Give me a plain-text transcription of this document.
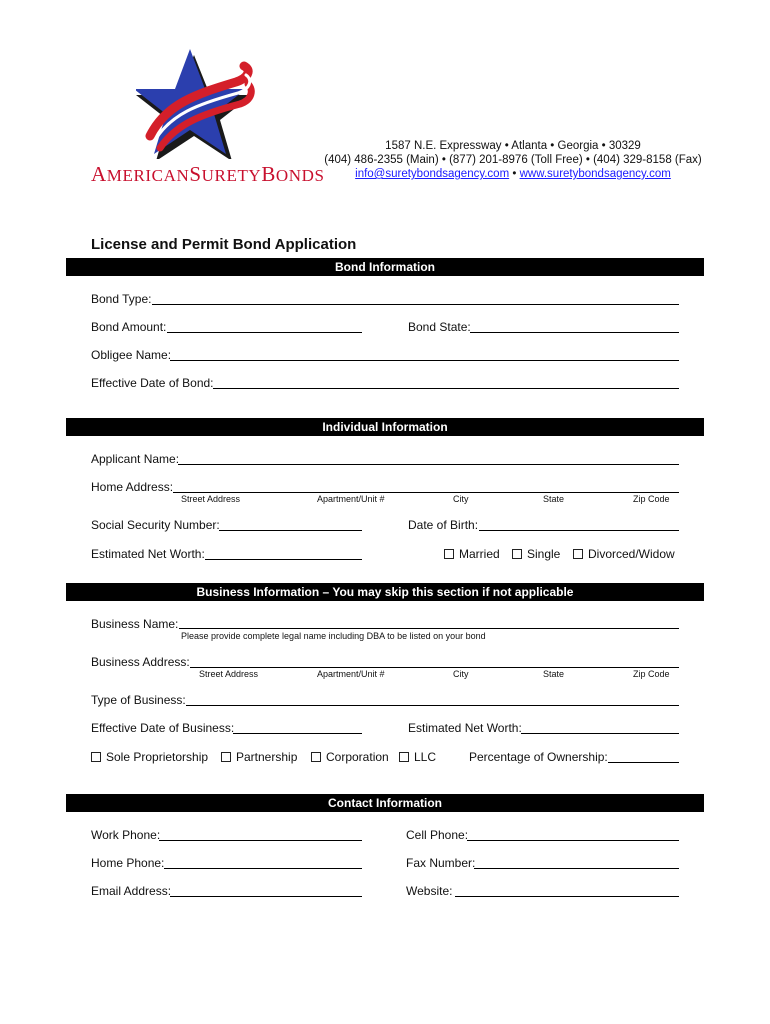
AMERICANSURETYBONDS
1587 N.E. Expressway • Atlanta • Georgia • 30329
(404) 486-2355 (Main) • (877) 201-8976 (Toll Free) • (404) 329-8158 (Fax)
info@suretybondsagency.com • www.suretybondsagency.com
License and Permit Bond Application
Bond Information
Bond Type:
Bond Amount:	Bond State:
Obligee Name:
Effective Date of Bond:
Individual Information
Applicant Name:
Home Address:
Street Address	Apartment/Unit #	City	State	Zip Code
Social Security Number:	Date of Birth:
Estimated Net Worth:	Married	Single	Divorced/Widow
Business Information – You may skip this section if not applicable
Business Name:
Please provide complete legal name including DBA to be listed on your bond
Business Address:
Street Address	Apartment/Unit #	City	State	Zip Code
Type of Business:
Effective Date of Business:	Estimated Net Worth:
Sole Proprietorship	Partnership	Corporation	LLC	Percentage of Ownership:
Contact Information
Work Phone:	Cell Phone:
Home Phone:	Fax Number:
Email Address:	Website:
